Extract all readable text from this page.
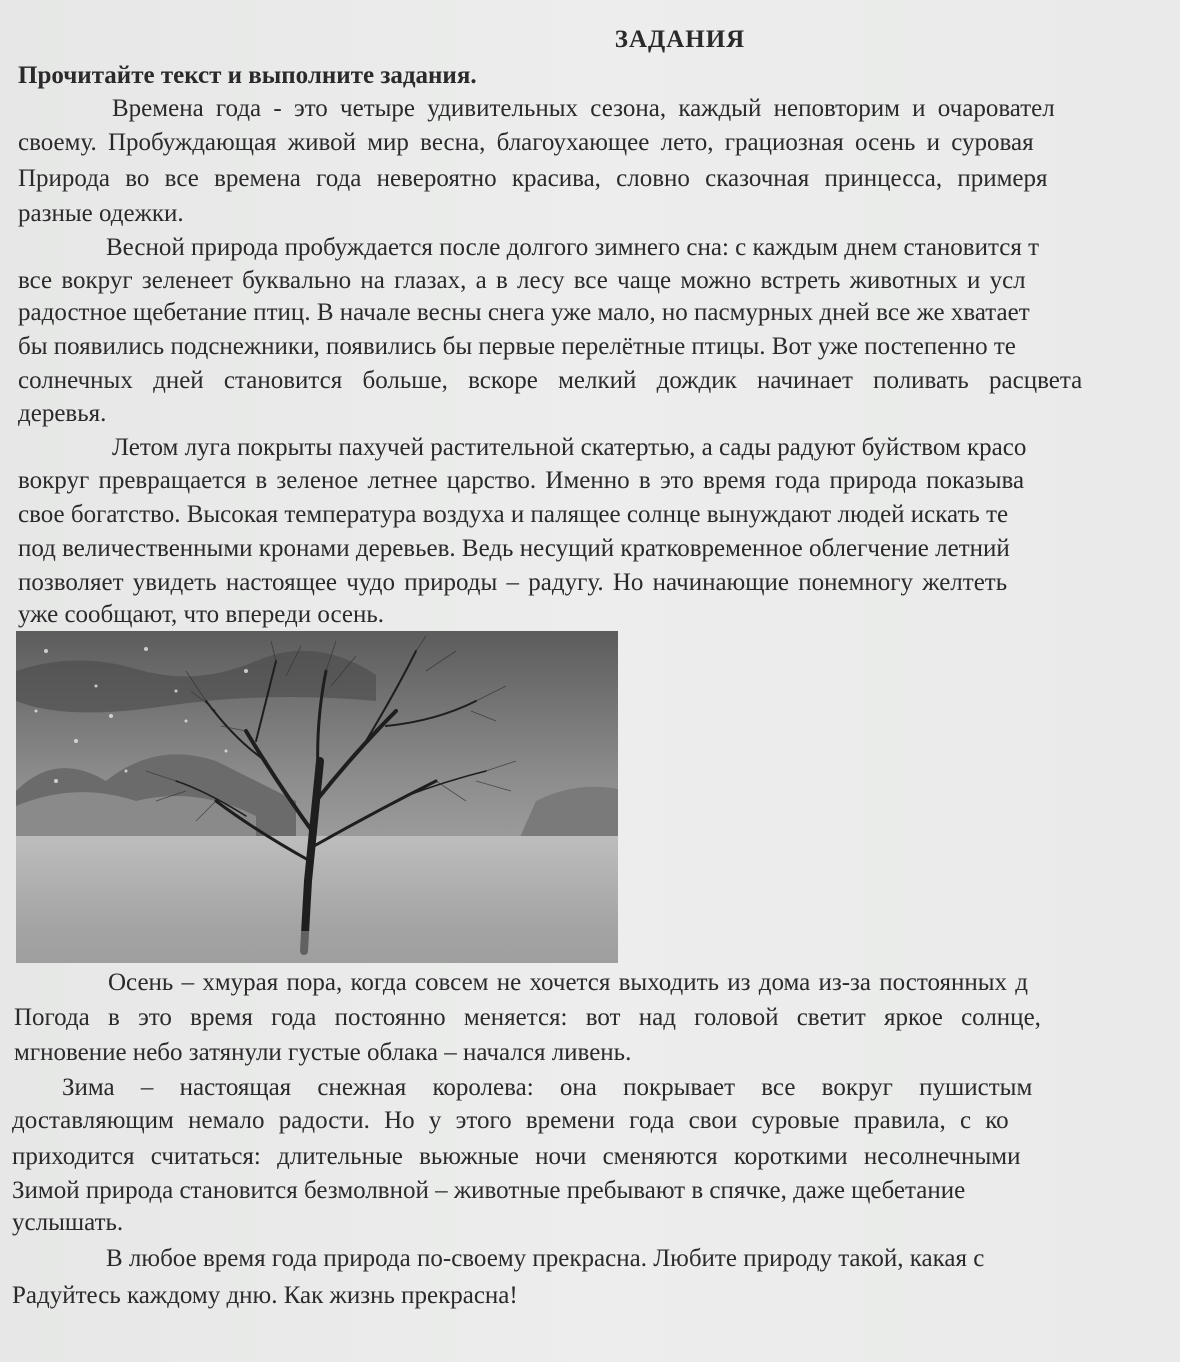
ЗАДАНИЯ
Прочитайте текст и выполните задания.
Времена года - это четыре удивительных сезона, каждый неповторим и очароватeл
своему. Пробуждающая живой мир весна, благоухающее лето, грациозная осень и суровая
Природа во все времена года невероятно красива, словно сказочная принцесса, примеря
разные одежки.
Весной природа пробуждается после долгого зимнего сна: с каждым днем становится т
все вокруг зеленеет буквально на глазах, а в лесу все чаще можно встреть животных и усл
радостное щебетание птиц. В начале весны снега уже мало, но пасмурных дней все же хватает
бы появились подснежники, появились бы первые перелётные птицы. Вот уже постепенно те
солнечных дней становится больше, вскоре мелкий дождик начинает поливать расцвета
деревья.
Летом луга покрыты пахучей растительной скатертью, а сады радуют буйством красо
вокруг превращается в зеленое летнее царство. Именно в это время года природа показыва
свое богатство. Высокая температура воздуха и палящее солнце вынуждают людей искать те
под величественными кронами деревьев. Ведь несущий кратковременное облегчение летний
позволяет увидеть настоящее чудо природы – радугу. Но начинающие понемногу желтеть
уже сообщают, что впереди осень.
Осень – хмурая пора, когда совсем не хочется выходить из дома из-за постоянных д
Погода в это время года постоянно меняется: вот над головой светит яркое солнце,
мгновение небо затянули густые облака – начался ливень.
Зима – настоящая снежная королева: она покрывает все вокруг пушистым
доставляющим немало радости. Но у этого времени года свои суровые правила, с ко
приходится считаться: длительные вьюжные ночи сменяются короткими несолнечными
Зимой природа становится безмолвной – животные пребывают в спячке, даже щебетание
услышать.
В любое время года природа по-своему прекрасна. Любите природу такой, какая с
Радуйтесь каждому дню. Как жизнь прекрасна!
